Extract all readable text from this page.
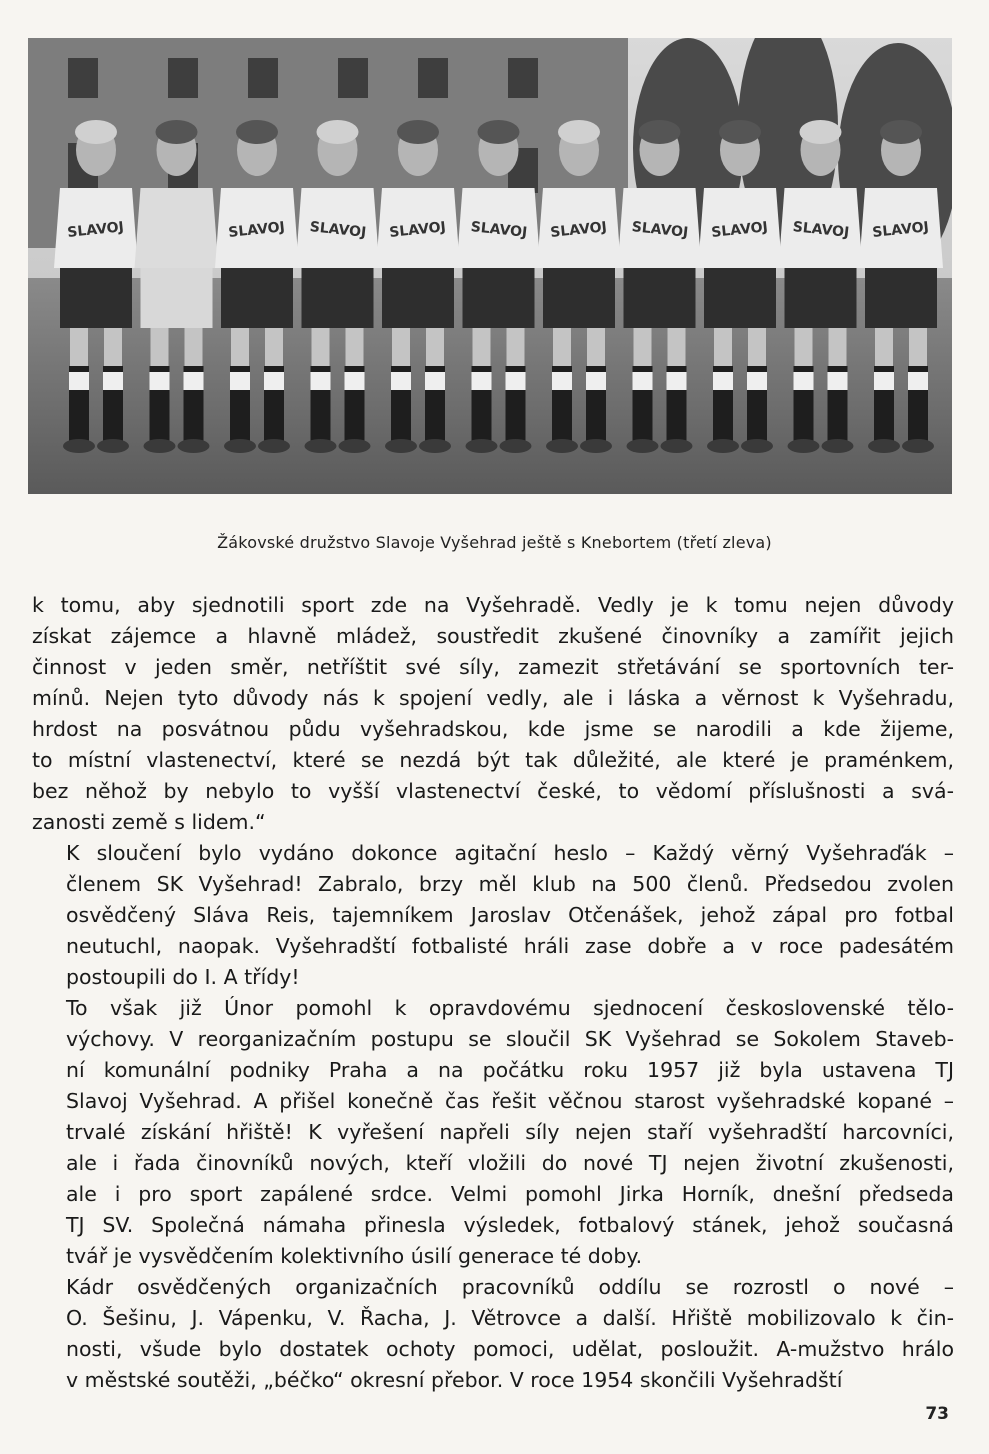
SLAVOJ	SLAVOJ SLAVOJ SLAVOJ SLAVOJ SLAVOJ SLAVOJ SLAVOJ SLAVOJ SLAVOJ
Žákovské družstvo Slavoje Vyšehrad ještě s Knebortem (třetí zleva)

k tomu, aby sjednotili sport zde na Vyšehradě. Vedly je k tomu nejen důvody
získat zájemce a hlavně mládež, soustředit zkušené činovníky a zamířit jejich
činnost v jeden směr, netříštit své síly, zamezit střetávání se sportovních ter-
mínů. Nejen tyto důvody nás k spojení vedly, ale i láska a věrnost k Vyšehradu,
hrdost na posvátnou půdu vyšehradskou, kde jsme se narodili a kde žijeme,
to místní vlastenectví, které se nezdá být tak důležité, ale které je praménkem,
bez něhož by nebylo to vyšší vlastenectví české, to vědomí příslušnosti a svá-
zanosti země s lidem.“

K sloučení bylo vydáno dokonce agitační heslo – Každý věrný Vyšehraďák –
členem SK Vyšehrad! Zabralo, brzy měl klub na 500 členů. Předsedou zvolen
osvědčený Sláva Reis, tajemníkem Jaroslav Otčenášek, jehož zápal pro fotbal
neutuchl, naopak. Vyšehradští fotbalisté hráli zase dobře a v roce padesátém
postoupili do I. A třídy!

To však již Únor pomohl k opravdovému sjednocení československé tělo-
výchovy. V reorganizačním postupu se sloučil SK Vyšehrad se Sokolem Staveb-
ní komunální podniky Praha a na počátku roku 1957 již byla ustavena TJ
Slavoj Vyšehrad. A přišel konečně čas řešit věčnou starost vyšehradské kopané –
trvalé získání hřiště! K vyřešení napřeli síly nejen staří vyšehradští harcovníci,
ale i řada činovníků nových, kteří vložili do nové TJ nejen životní zkušenosti,
ale i pro sport zapálené srdce. Velmi pomohl Jirka Horník, dnešní předseda
TJ SV. Společná námaha přinesla výsledek, fotbalový stánek, jehož současná
tvář je vysvědčením kolektivního úsilí generace té doby.

Kádr osvědčených organizačních pracovníků oddílu se rozrostl o nové –
O. Šešinu, J. Vápenku, V. Řacha, J. Větrovce a další. Hřiště mobilizovalo k čin-
nosti, všude bylo dostatek ochoty pomoci, udělat, posloužit. A-mužstvo hrálo
v městské soutěži, „béčko“ okresní přebor. V roce 1954 skončili Vyšehradští

73
